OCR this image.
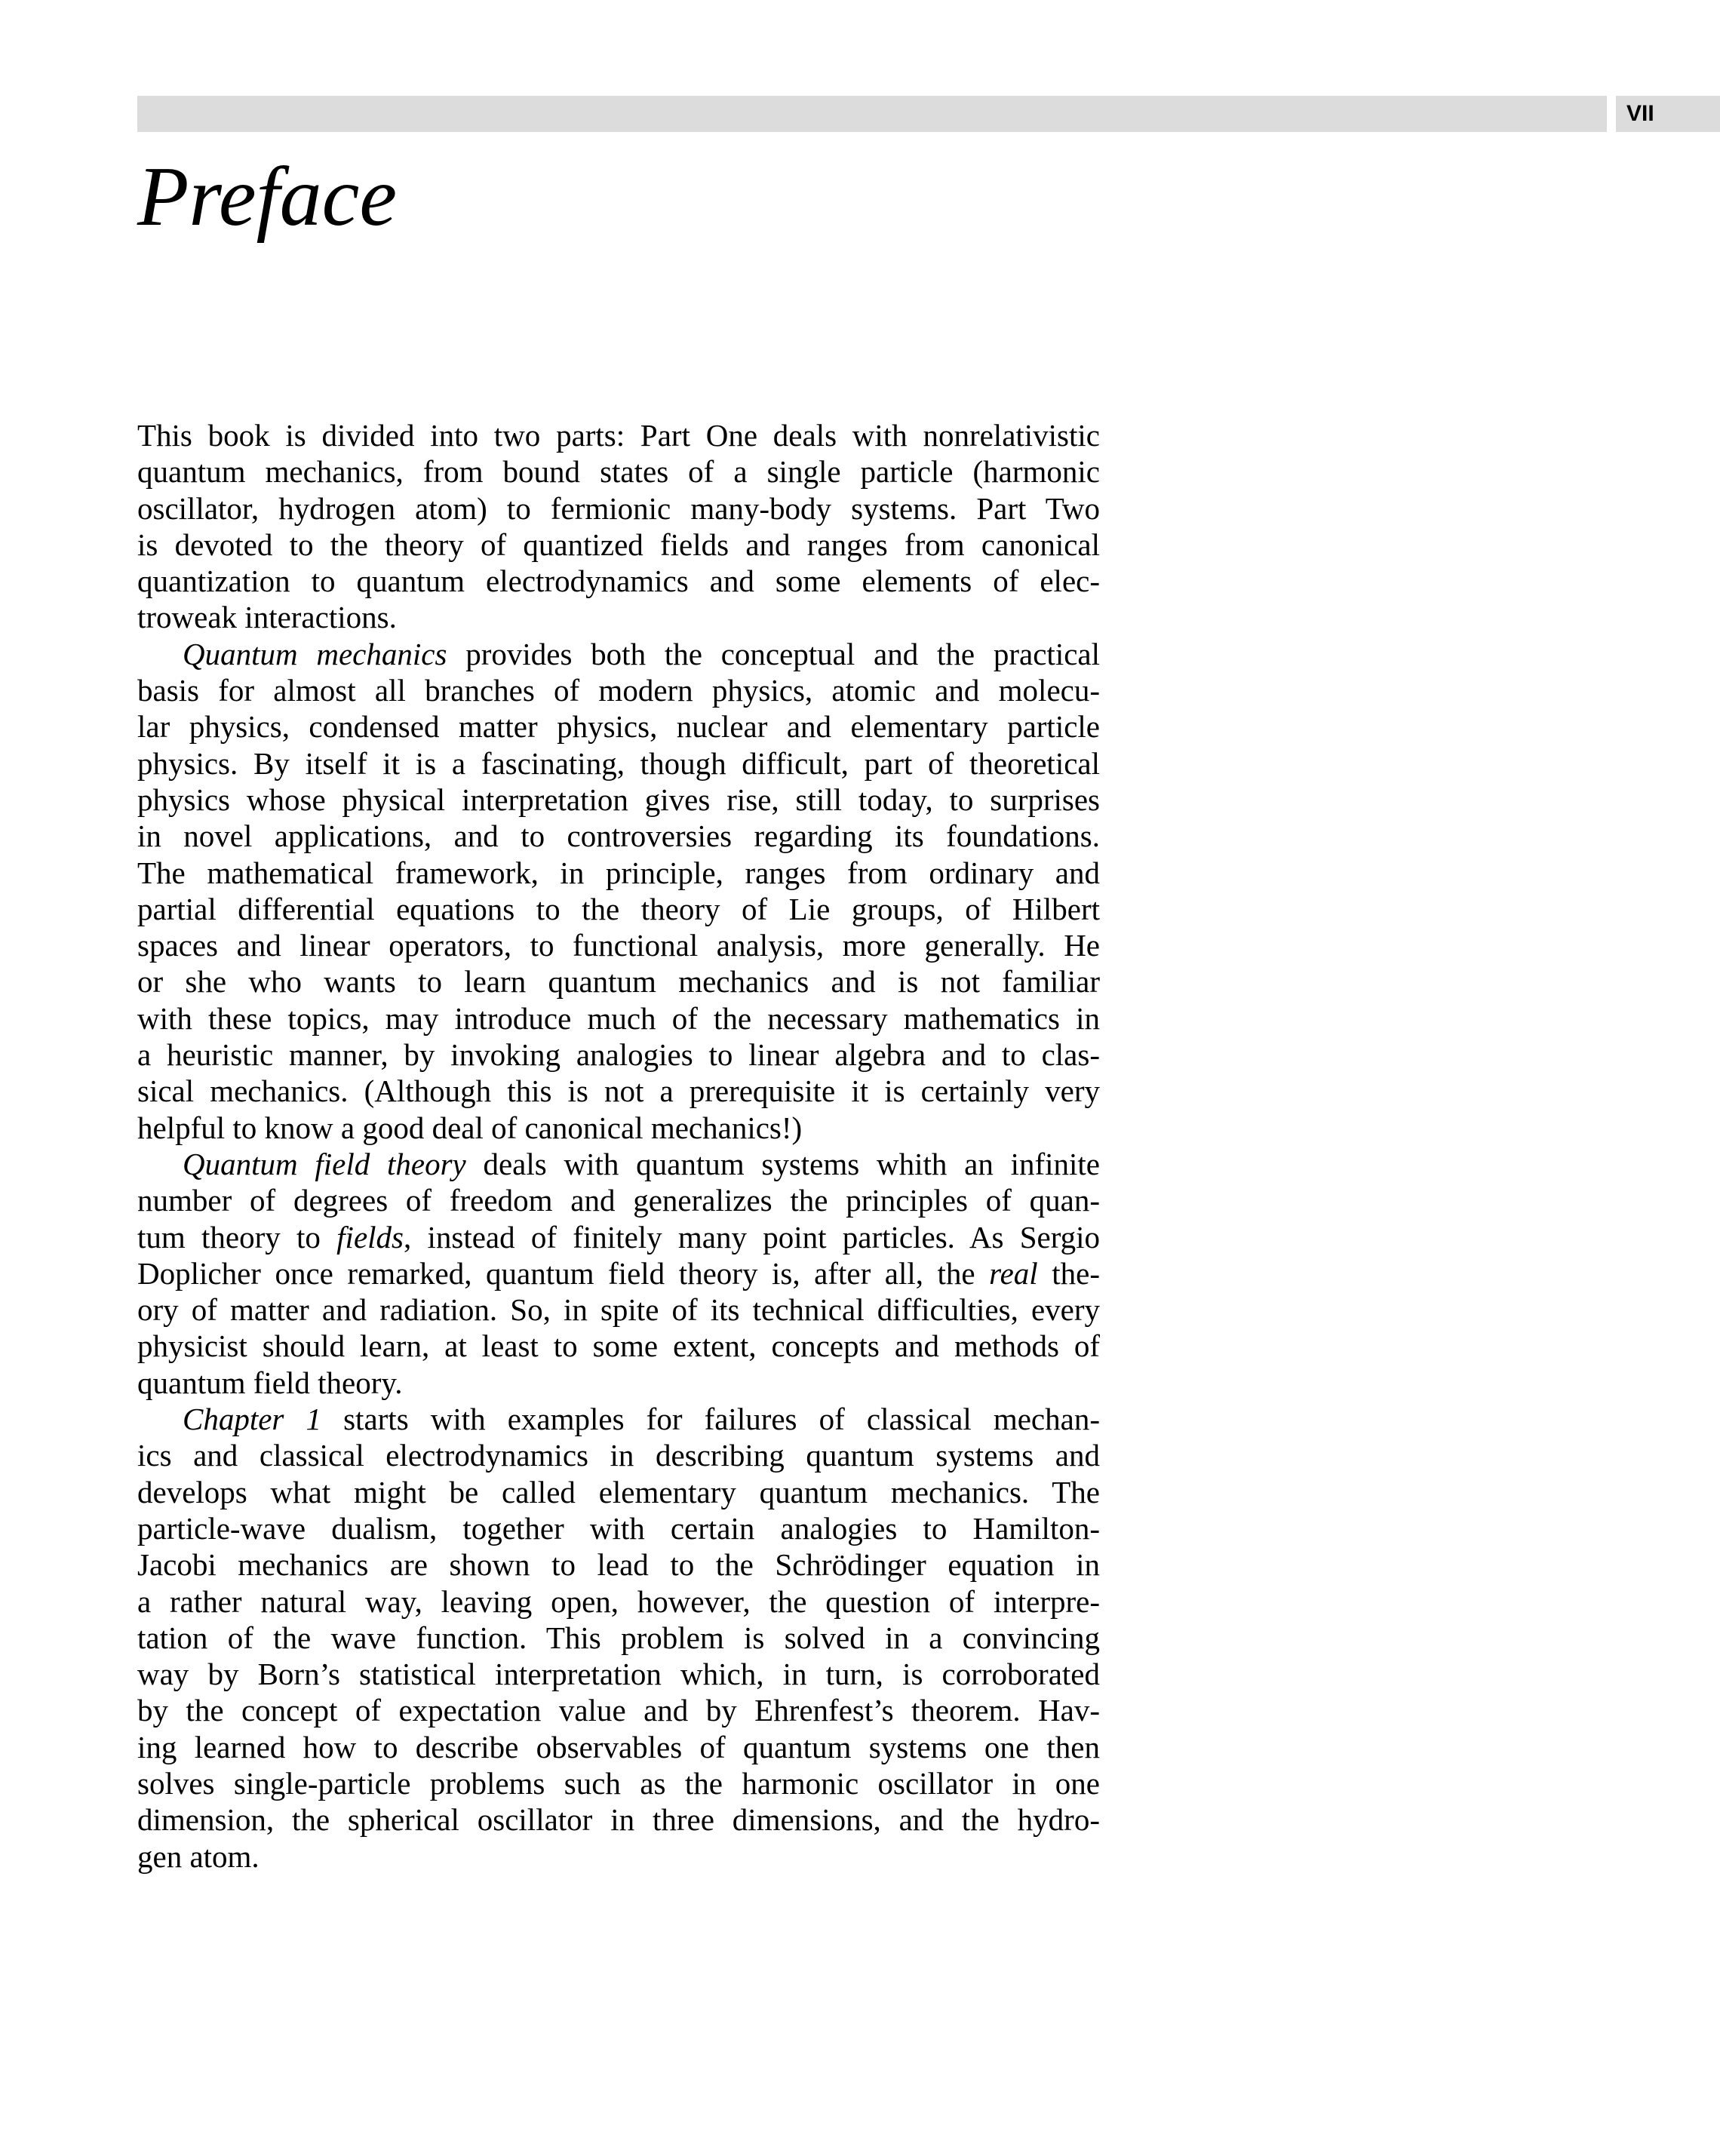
VII
Preface
This book is divided into two parts: Part One deals with nonrelativistic
quantum mechanics, from bound states of a single particle (harmonic
oscillator, hydrogen atom) to fermionic many-body systems. Part Two
is devoted to the theory of quantized fields and ranges from canonical
quantization to quantum electrodynamics and some elements of elec-
troweak interactions.
Quantum mechanics provides both the conceptual and the practical
basis for almost all branches of modern physics, atomic and molecu-
lar physics, condensed matter physics, nuclear and elementary particle
physics. By itself it is a fascinating, though difficult, part of theoretical
physics whose physical interpretation gives rise, still today, to surprises
in novel applications, and to controversies regarding its foundations.
The mathematical framework, in principle, ranges from ordinary and
partial differential equations to the theory of Lie groups, of Hilbert
spaces and linear operators, to functional analysis, more generally. He
or she who wants to learn quantum mechanics and is not familiar
with these topics, may introduce much of the necessary mathematics in
a heuristic manner, by invoking analogies to linear algebra and to clas-
sical mechanics. (Although this is not a prerequisite it is certainly very
helpful to know a good deal of canonical mechanics!)
Quantum field theory deals with quantum systems whith an infinite
number of degrees of freedom and generalizes the principles of quan-
tum theory to fields, instead of finitely many point particles. As Sergio
Doplicher once remarked, quantum field theory is, after all, the real the-
ory of matter and radiation. So, in spite of its technical difficulties, every
physicist should learn, at least to some extent, concepts and methods of
quantum field theory.
Chapter 1 starts with examples for failures of classical mechan-
ics and classical electrodynamics in describing quantum systems and
develops what might be called elementary quantum mechanics. The
particle-wave dualism, together with certain analogies to Hamilton-
Jacobi mechanics are shown to lead to the Schrödinger equation in
a rather natural way, leaving open, however, the question of interpre-
tation of the wave function. This problem is solved in a convincing
way by Born’s statistical interpretation which, in turn, is corroborated
by the concept of expectation value and by Ehrenfest’s theorem. Hav-
ing learned how to describe observables of quantum systems one then
solves single-particle problems such as the harmonic oscillator in one
dimension, the spherical oscillator in three dimensions, and the hydro-
gen atom.
